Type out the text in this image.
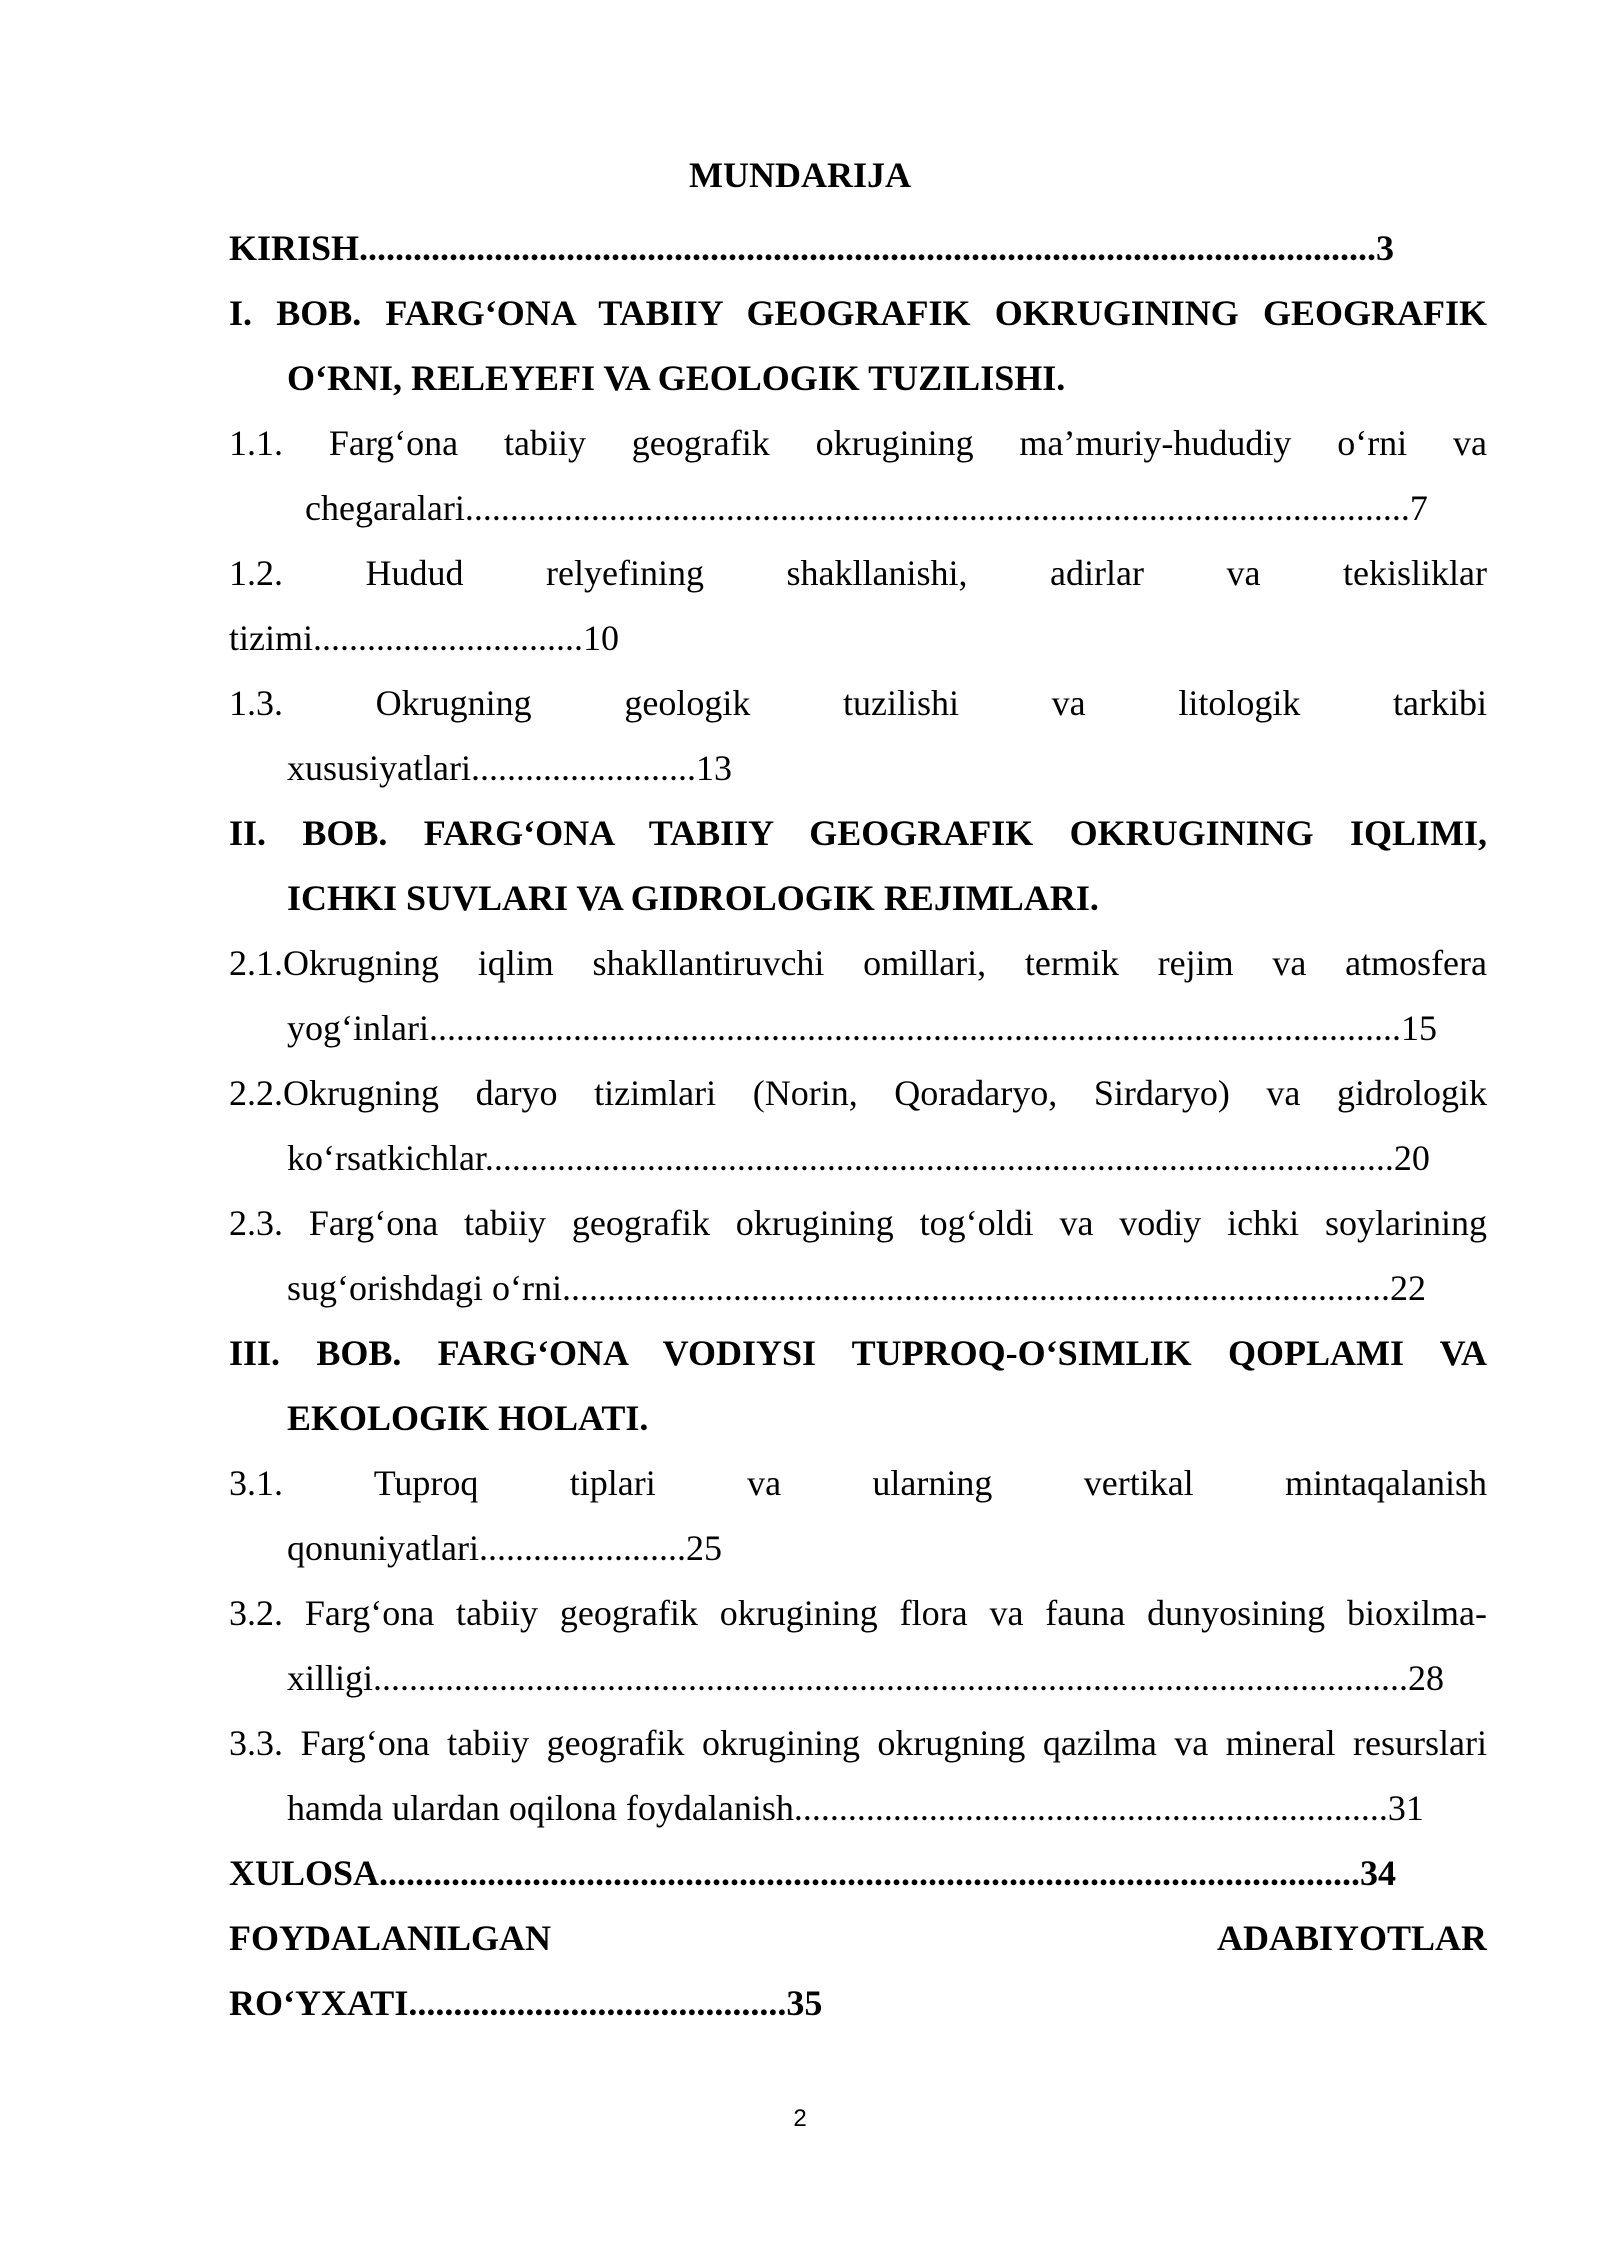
MUNDARIJA
KIRISH.................................................................................................................3
I. BOB. FARG‘ONA TABIIY GEOGRAFIK OKRUGINING GEOGRAFIK
O‘RNI, RELEYEFI VA GEOLOGIK TUZILISHI.
1.1. Farg‘ona tabiiy geografik okrugining ma’muriy-hududiy o‘rni va
chegaralari.........................................................................................................7
1.2. Hudud relyefining shakllanishi, adirlar va tekisliklar
tizimi..............................10
1.3. Okrugning geologik tuzilishi va litologik tarkibi
xususiyatlari.........................13
II. BOB. FARG‘ONA TABIIY GEOGRAFIK OKRUGINING IQLIMI,
ICHKI SUVLARI VA GIDROLOGIK REJIMLARI.
2.1.Okrugning iqlim shakllantiruvchi omillari, termik rejim va atmosfera
yog‘inlari............................................................................................................15
2.2.Okrugning daryo tizimlari (Norin, Qoradaryo, Sirdaryo) va gidrologik
ko‘rsatkichlar.....................................................................................................20
2.3. Farg‘ona tabiiy geografik okrugining tog‘oldi va vodiy ichki soylarining
sug‘orishdagi o‘rni............................................................................................22
III. BOB. FARG‘ONA VODIYSI TUPROQ-O‘SIMLIK QOPLAMI VA
EKOLOGIK HOLATI.
3.1. Tuproq tiplari va ularning vertikal mintaqalanish
qonuniyatlari.......................25
3.2. Farg‘ona tabiiy geografik okrugining flora va fauna dunyosining bioxilma-
xilligi...................................................................................................................28
3.3. Farg‘ona tabiiy geografik okrugining okrugning qazilma va mineral resurslari
hamda ulardan oqilona foydalanish..................................................................31
XULOSA.............................................................................................................34
FOYDALANILGAN	ADABIYOTLAR
RO‘YXATI..........................................35
2
